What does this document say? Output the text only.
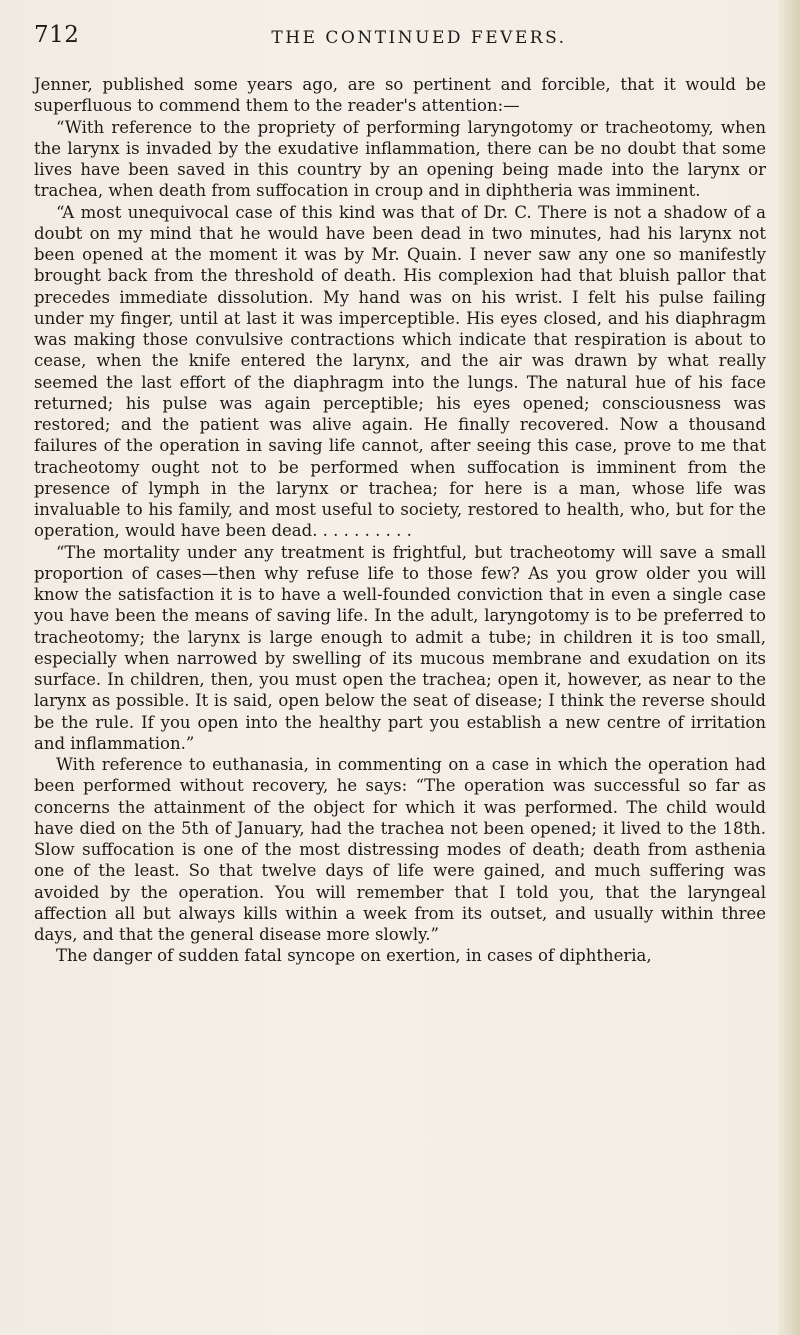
712	THE CONTINUED FEVERS.

Jenner, published some years ago, are so pertinent and forcible, that it would be superfluous to commend them to the reader's attention:—

“With reference to the propriety of performing laryngotomy or tracheotomy, when the larynx is invaded by the exudative inflammation, there can be no doubt that some lives have been saved in this country by an opening being made into the larynx or trachea, when death from suffocation in croup and in diphtheria was imminent.

“A most unequivocal case of this kind was that of Dr. C. There is not a shadow of a doubt on my mind that he would have been dead in two minutes, had his larynx not been opened at the moment it was by Mr. Quain. I never saw any one so manifestly brought back from the threshold of death. His complexion had that bluish pallor that precedes immediate dissolution. My hand was on his wrist. I felt his pulse failing under my finger, until at last it was imperceptible. His eyes closed, and his diaphragm was making those convulsive contractions which indicate that respiration is about to cease, when the knife entered the larynx, and the air was drawn by what really seemed the last effort of the diaphragm into the lungs. The natural hue of his face returned; his pulse was again perceptible; his eyes opened; consciousness was restored; and the patient was alive again. He finally recovered. Now a thousand failures of the operation in saving life cannot, after seeing this case, prove to me that tracheotomy ought not to be performed when suffocation is imminent from the presence of lymph in the larynx or trachea; for here is a man, whose life was invaluable to his family, and most useful to society, restored to health, who, but for the operation, would have been dead. . . . . . . . . .

“The mortality under any treatment is frightful, but tracheotomy will save a small proportion of cases—then why refuse life to those few? As you grow older you will know the satisfaction it is to have a well-founded conviction that in even a single case you have been the means of saving life. In the adult, laryngotomy is to be preferred to tracheotomy; the larynx is large enough to admit a tube; in children it is too small, especially when narrowed by swelling of its mucous membrane and exudation on its surface. In children, then, you must open the trachea; open it, however, as near to the larynx as possible. It is said, open below the seat of disease; I think the reverse should be the rule. If you open into the healthy part you establish a new centre of irritation and inflammation.”

With reference to euthanasia, in commenting on a case in which the operation had been performed without recovery, he says: “The operation was successful so far as concerns the attainment of the object for which it was performed. The child would have died on the 5th of January, had the trachea not been opened; it lived to the 18th. Slow suffocation is one of the most distressing modes of death; death from asthenia one of the least. So that twelve days of life were gained, and much suffering was avoided by the operation. You will remember that I told you, that the laryngeal affection all but always kills within a week from its outset, and usually within three days, and that the general disease more slowly.”

The danger of sudden fatal syncope on exertion, in cases of diphtheria,
